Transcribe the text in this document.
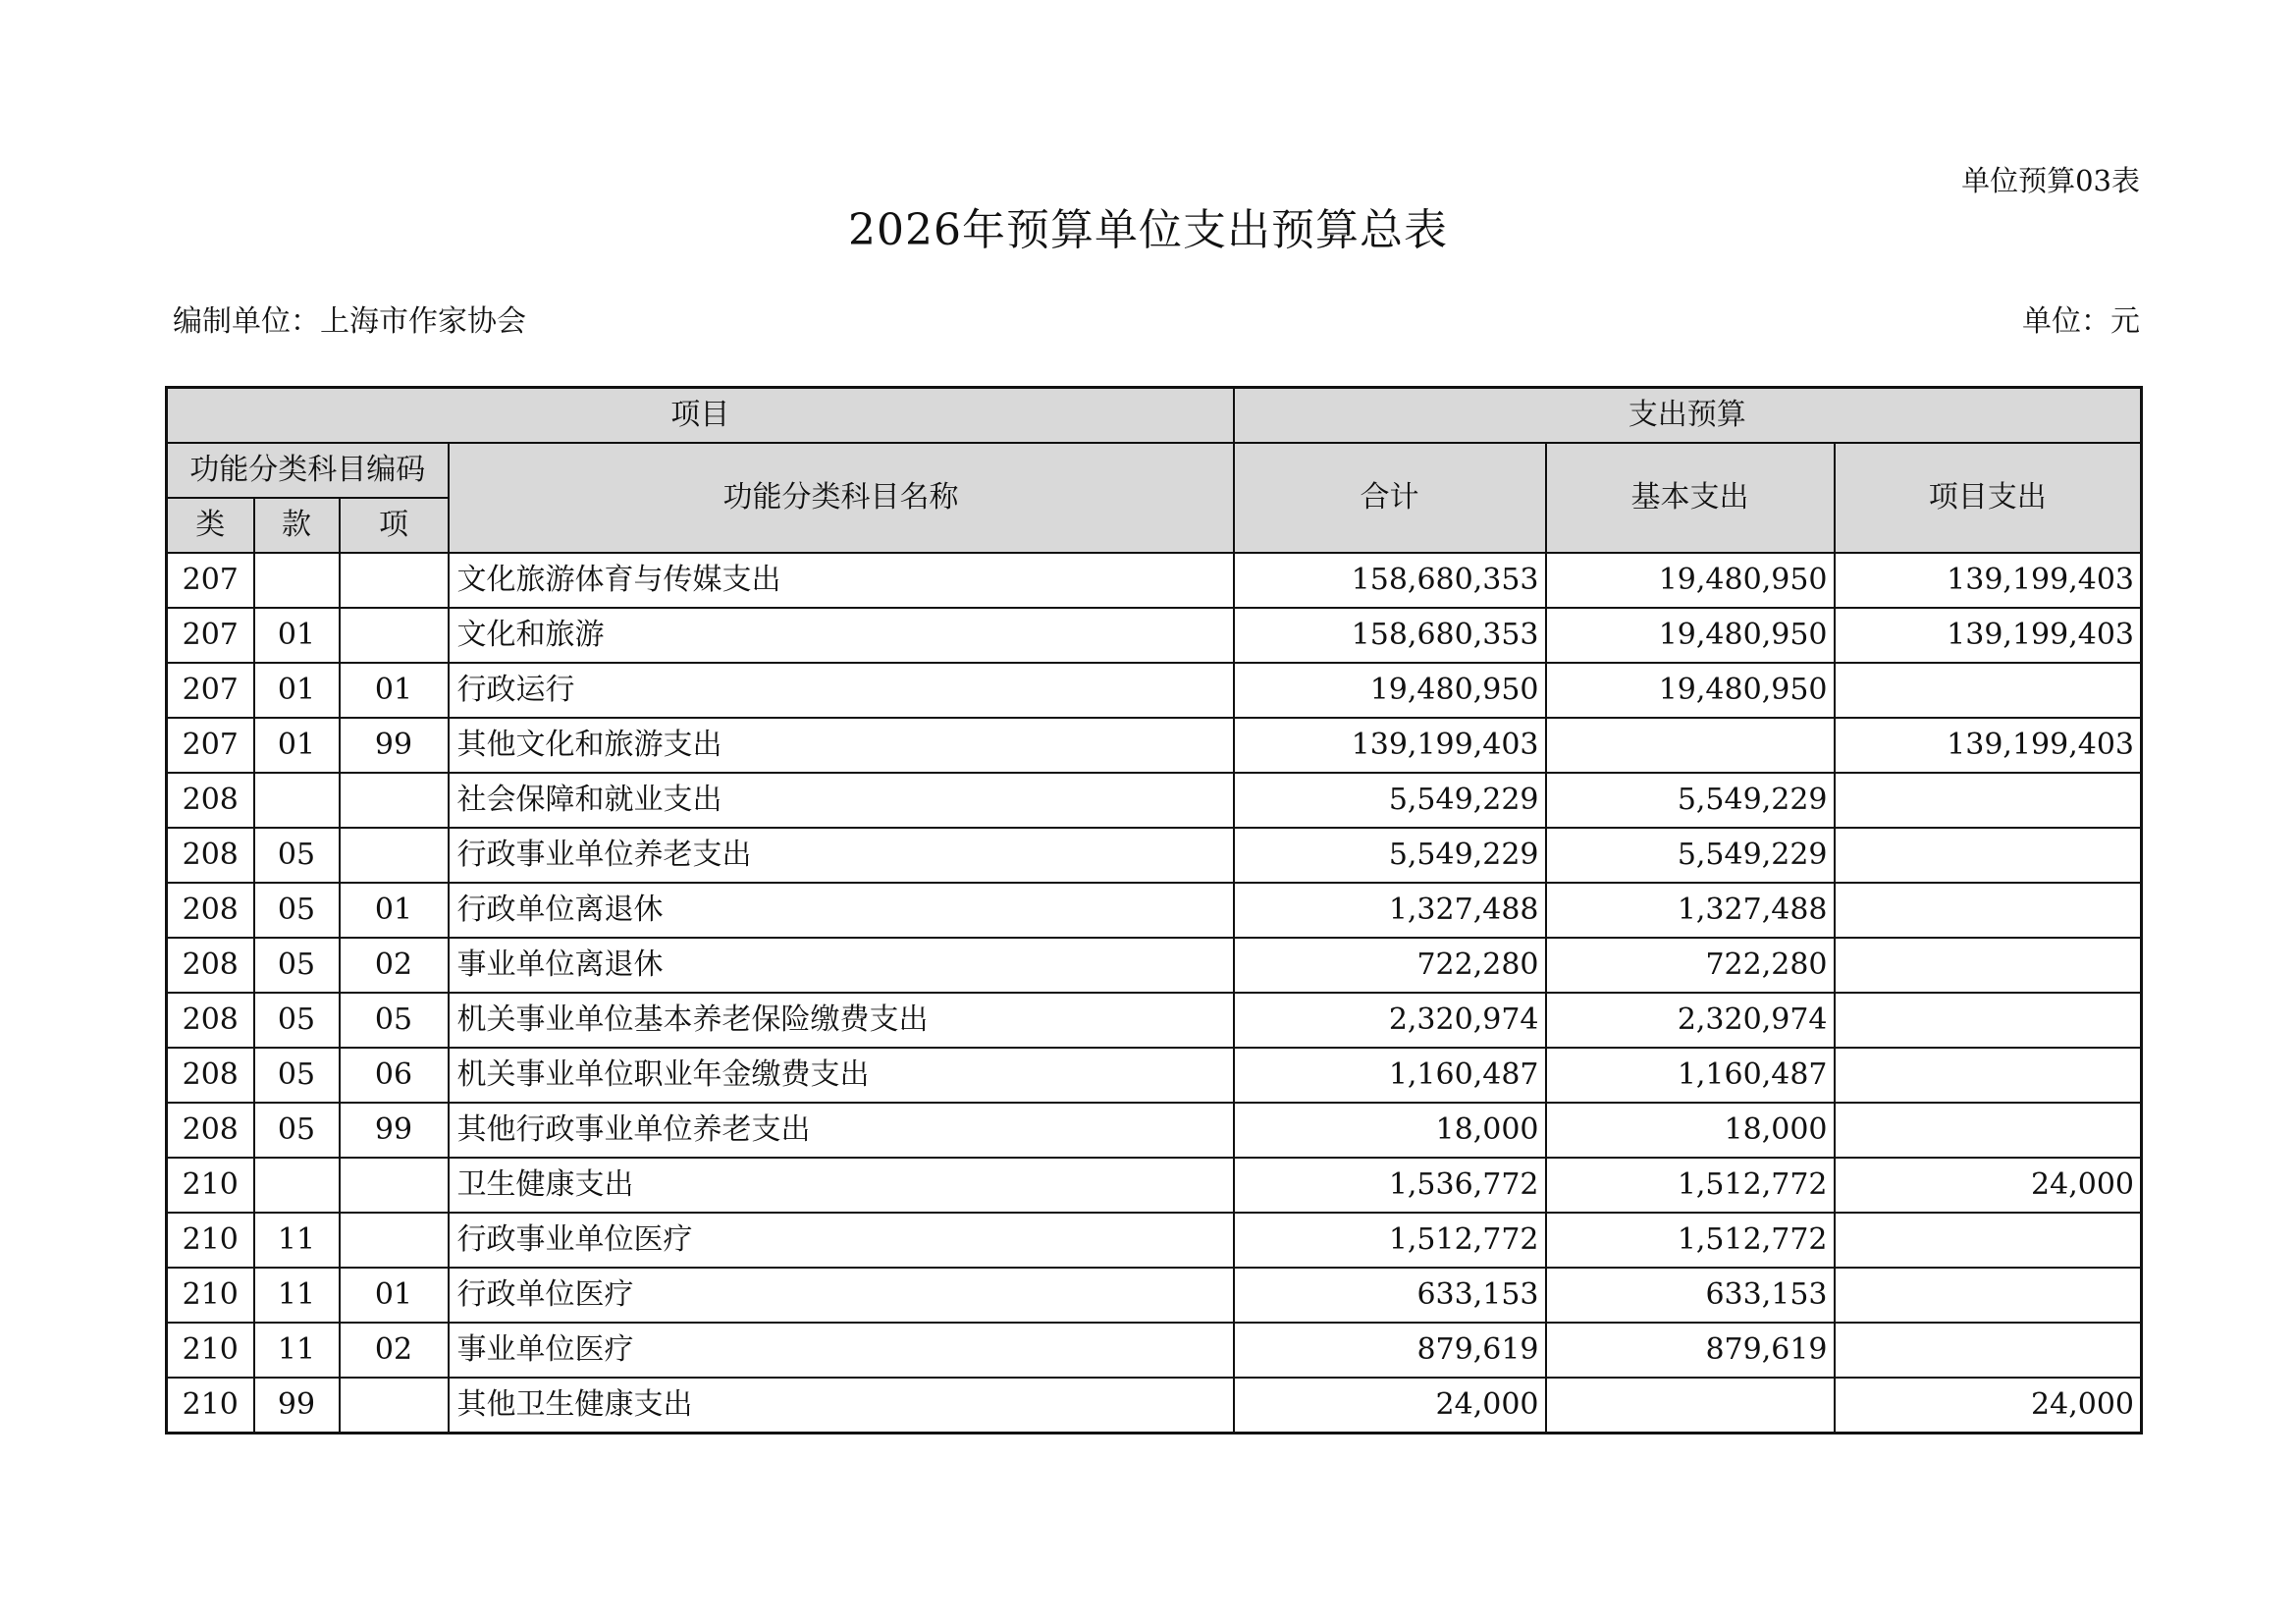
单位预算03表
2026年预算单位支出预算总表
编制单位：上海市作家协会	单位：元
项目				支出预算		
功能分类科目编码			功能分类科目名称	合计	基本支出	项目支出
类	款	项				
207			文化旅游体育与传媒支出	158,680,353	19,480,950	139,199,403
207	01		文化和旅游	158,680,353	19,480,950	139,199,403
207	01	01	行政运行	19,480,950	19,480,950	
207	01	99	其他文化和旅游支出	139,199,403		139,199,403
208			社会保障和就业支出	5,549,229	5,549,229	
208	05		行政事业单位养老支出	5,549,229	5,549,229	
208	05	01	行政单位离退休	1,327,488	1,327,488	
208	05	02	事业单位离退休	722,280	722,280	
208	05	05	机关事业单位基本养老保险缴费支出	2,320,974	2,320,974	
208	05	06	机关事业单位职业年金缴费支出	1,160,487	1,160,487	
208	05	99	其他行政事业单位养老支出	18,000	18,000	
210			卫生健康支出	1,536,772	1,512,772	24,000
210	11		行政事业单位医疗	1,512,772	1,512,772	
210	11	01	行政单位医疗	633,153	633,153	
210	11	02	事业单位医疗	879,619	879,619	
210	99		其他卫生健康支出	24,000		24,000
